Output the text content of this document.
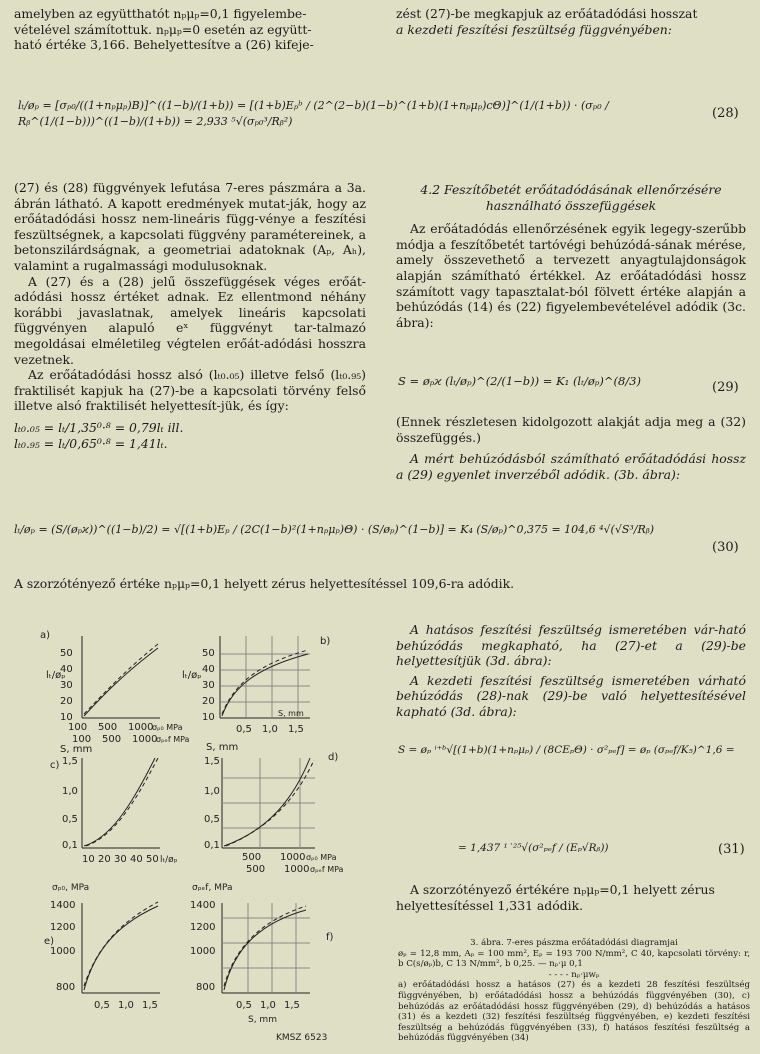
amelyben az együtthatót nₚμₚ=0,1 figyelembe-

vételével számítottuk. nₚμₚ=0 esetén az együtt-

ható értéke 3,166. Behelyettesítve a (26) kifeje-

zést (27)-be megkapjuk az erőátadódási hosszat

a kezdeti feszítési feszültség függvényében:

lₜ/øₚ = [σₚ₀/((1+nₚμₚ)B)]^((1−b)/(1+b)) = [(1+b)Eₚᵇ / (2^(2−b)(1−b)^(1+b)(1+nₚμₚ)cΘ)]^(1/(1+b)) · (σₚ₀ / Rᵦ^(1/(1−b)))^((1−b)/(1+b)) = 2,933 ⁵√(σₚ₀³/Rᵦ²)
(28)

(27) és (28) függvények lefutása 7-eres pászmára a 3a. ábrán látható. A kapott eredmények mutat-ják, hogy az erőátadódási hossz nem-lineáris függ-vénye a feszítési feszültségnek, a kapcsolati függvény paramétereinek, a betonszilárdságnak, a geometriai adatoknak (Aₚ, Aₕ), valamint a rugalmassági modulusoknak.

A (27) és a (28) jelű összefüggések véges erőát-adódási hossz értéket adnak. Ez ellentmond néhány korábbi javaslatnak, amelyek lineáris kapcsolati függvényen alapuló eˣ függvényt tar-talmazó megoldásai elméletileg végtelen erőát-adódási hosszra vezetnek.

Az erőátadódási hossz alsó (lₜ₀.₀₅) illetve felső (lₜ₀.₉₅) fraktilisét kapjuk ha (27)-be a kapcsolati törvény felső illetve alsó fraktilisét helyettesít-jük, és így:

lₜ₀.₀₅ = lₜ/1,35⁰·⁸ = 0,79lₜ ill.

lₜ₀.₉₅ = lₜ/0,65⁰·⁸ = 1,41lₜ.

4.2 Feszítőbetét erőátadódásának ellenőrzésére használható összefüggések

Az erőátadódás ellenőrzésének egyik legegy-szerűbb módja a feszítőbetét tartóvégi behúzódá-sának mérése, amely összevethető a tervezett anyagtulajdonságok alapján számítható értékkel. Az erőátadódási hossz számított vagy tapasztalat-ból fölvett értéke alapján a behúzódás (14) és (22) figyelembevételével adódik (3c. ábra):

S = øₚϰ (lₜ/øₚ)^(2/(1−b)) = K₁ (lₜ/øₚ)^(8/3)	(29)

(Ennek részletesen kidolgozott alakját adja meg a (32) összefüggés.)

A mért behúzódásból számítható erőátadódási hossz a (29) egyenlet inverzéből adódik. (3b. ábra):

lₜ/øₚ = (S/(øₚϰ))^((1−b)/2) = √[(1+b)Eₚ / (2C(1−b)²(1+nₚμₚ)Θ) · (S/øₚ)^(1−b)] = K₄ (S/øₚ)^0,375 = 104,6 ⁴√(√S³/Rᵦ)
(30)
A szorzótényező értéke nₚμₚ=0,1 helyett zérus helyettesítéssel 109,6-ra adódik.
a)
lₜ/øₚ
50
40
30
20
10
100 500 1000
σₚ₀ MPa
100 500 1000
σₚₑf MPa
b)
lₜ/øₚ
50
40
30
20
10
0,5 1,0 1,5
S, mm
c)
S, mm
1,5
1,0
0,5
0,1
10 20 30 40 50 lₜ/øₚ
d)
S, mm
1,5
1,0
0,5
0,1
500 1000 σₚ₀ MPa
500 1000 σₚₑf MPa
e)
σₚ₀, MPa
1400
1200
1000
800
0,5 1,0 1,5
f)
σₚₑf, MPa
1400
1200
1000
800
0,5 1,0 1,5
S, mm
KMSZ 6523

A hatásos feszítési feszültség ismeretében vár-ható behúzódás megkapható, ha (27)-et a (29)-be helyettesítjük (3d. ábra):

A kezdeti feszítési feszültség ismeretében várható behúzódás (28)-nak (29)-be való helyettesítésével kapható (3d. ábra):

S = øₚ ⁱ⁺ᵇ√[(1+b)(1+nₚμₚ) / (8CEₚΘ) · σ²ₚₑf] = øₚ (σₚₑf/K₅)^1,6 =
= 1,437 ¹˙²⁵√(σ²ₚₑf / (Eₚ√Rᵦ))	(31)
A szorzótényező értékére nₚμₚ=0,1 helyett zérus helyettesítéssel 1,331 adódik.
3. ábra. 7-eres pászma erőátadódási diagramjai
øₚ = 12,8 mm, Aₚ = 100 mm², Eₚ = 193 700 N/mm², C 40, kapcsolati törvény: r, b C(s/øₚ)b, C 13 N/mm², b 0,25. — nₚ·μ 0,1
- - - - nₚ·μwₚ
a) erőátadódási hossz a hatásos (27) és a kezdeti 28 feszítési feszültség függvényében, b) erőátadódási hossz a behúzódás függvényében (30), c) behúzódás az erőátadódási hossz függvényében (29), d) behúzódás a hatásos (31) és a kezdeti (32) feszítési feszültség függvényében, e) kezdeti feszítési feszültség a behúzódás függvényében (33), f) hatásos feszítési feszültség a behúzódás függvényében (34)
